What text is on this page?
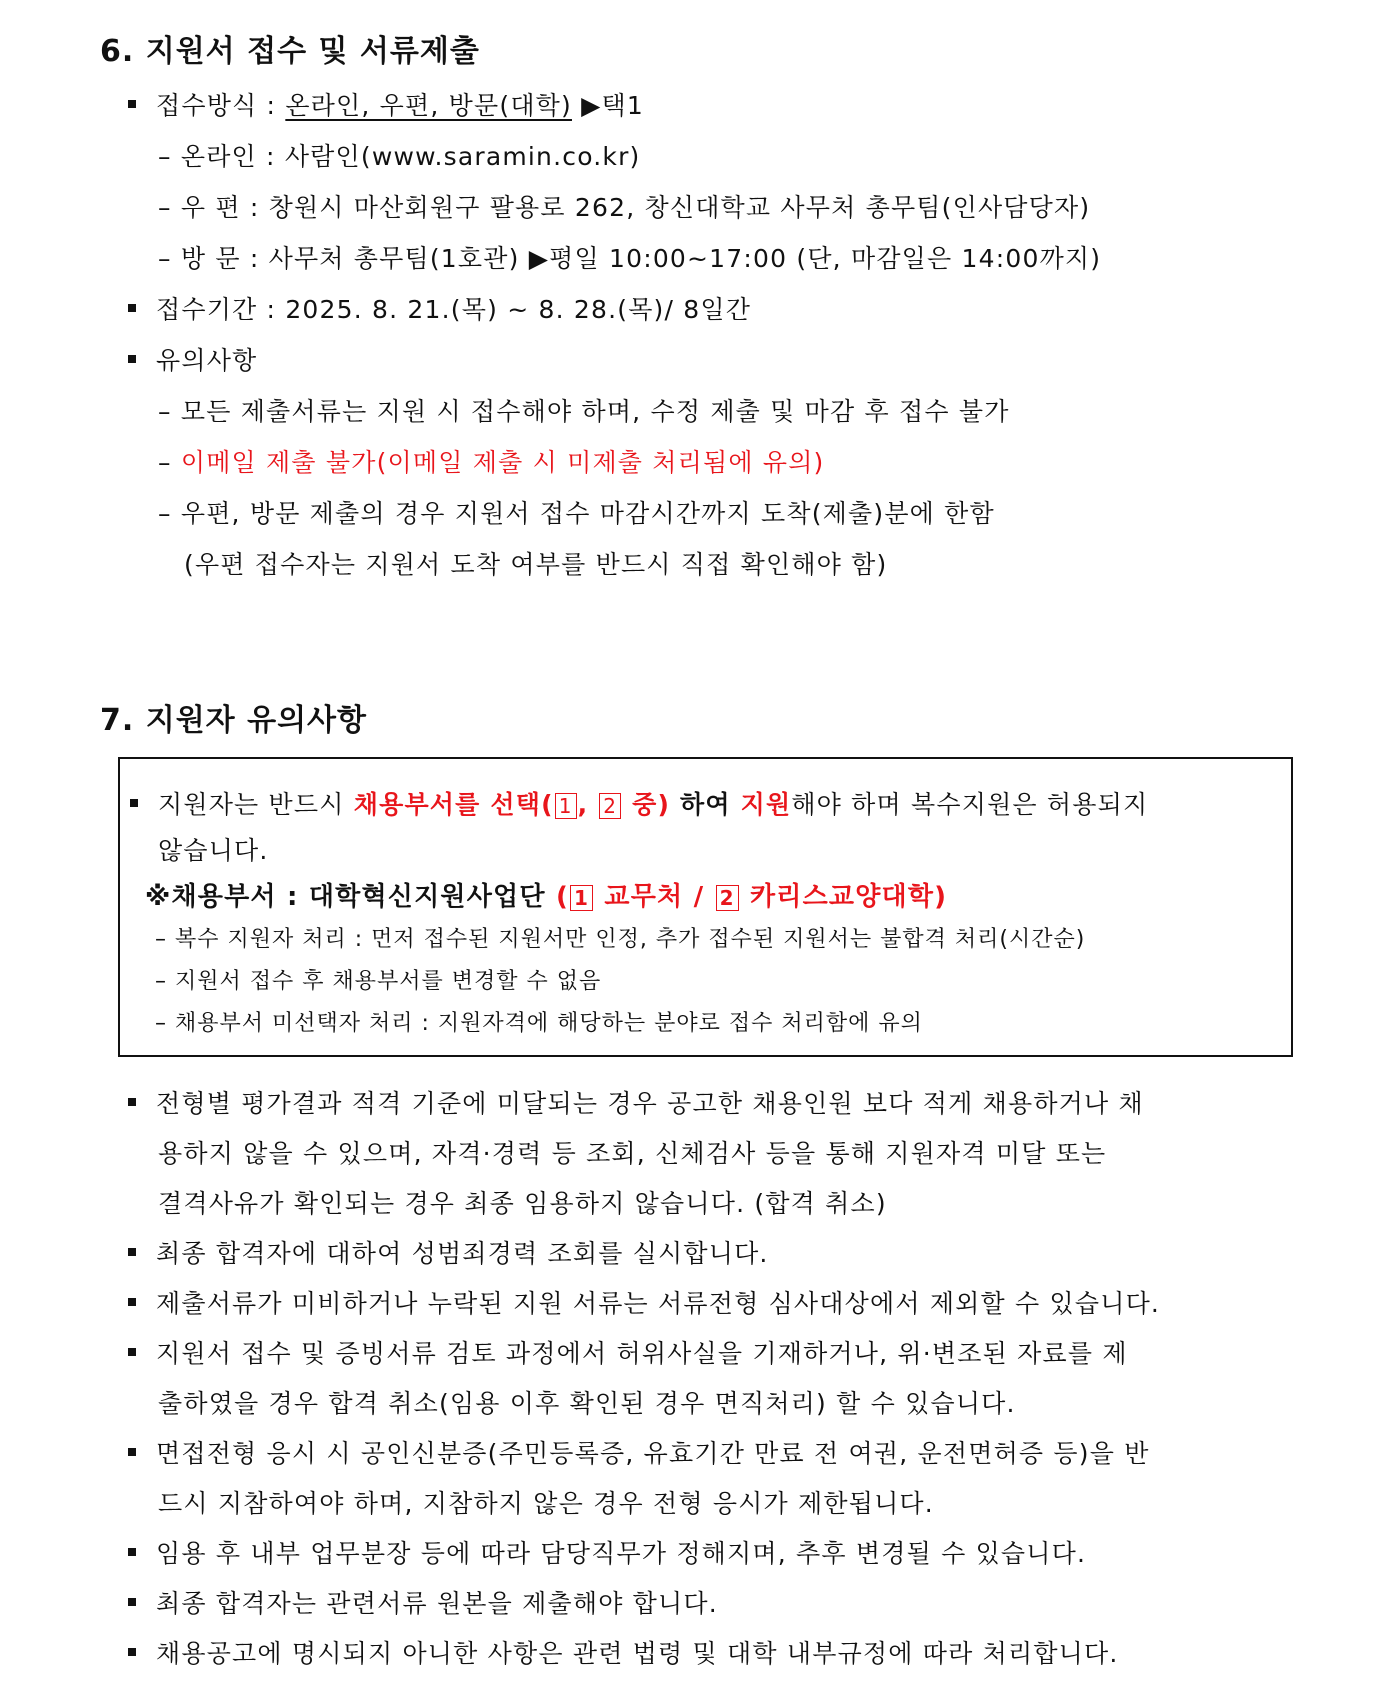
6. 지원서 접수 및 서류제출
접수방식 : 온라인, 우편, 방문(대학) ▶택1
– 온라인 : 사람인(www.saramin.co.kr)
– 우 편 : 창원시 마산회원구 팔용로 262, 창신대학교 사무처 총무팀(인사담당자)
– 방 문 : 사무처 총무팀(1호관) ▶평일 10:00~17:00 (단, 마감일은 14:00까지)
접수기간 : 2025. 8. 21.(목) ~ 8. 28.(목)/ 8일간
유의사항
– 모든 제출서류는 지원 시 접수해야 하며, 수정 제출 및 마감 후 접수 불가
– 이메일 제출 불가(이메일 제출 시 미제출 처리됨에 유의)
– 우편, 방문 제출의 경우 지원서 접수 마감시간까지 도착(제출)분에 한함
(우편 접수자는 지원서 도착 여부를 반드시 직접 확인해야 함)
7. 지원자 유의사항
지원자는 반드시 채용부서를 선택( 1 , 2 중) 하여 지원해야 하며 복수지원은 허용되지
않습니다.
※채용부서 : 대학혁신지원사업단 ( 1 교무처 / 2 카리스교양대학)
– 복수 지원자 처리 : 먼저 접수된 지원서만 인정, 추가 접수된 지원서는 불합격 처리(시간순)
– 지원서 접수 후 채용부서를 변경할 수 없음
– 채용부서 미선택자 처리 : 지원자격에 해당하는 분야로 접수 처리함에 유의
전형별 평가결과 적격 기준에 미달되는 경우 공고한 채용인원 보다 적게 채용하거나 채
용하지 않을 수 있으며, 자격·경력 등 조회, 신체검사 등을 통해 지원자격 미달 또는
결격사유가 확인되는 경우 최종 임용하지 않습니다. (합격 취소)
최종 합격자에 대하여 성범죄경력 조회를 실시합니다.
제출서류가 미비하거나 누락된 지원 서류는 서류전형 심사대상에서 제외할 수 있습니다.
지원서 접수 및 증빙서류 검토 과정에서 허위사실을 기재하거나, 위·변조된 자료를 제
출하였을 경우 합격 취소(임용 이후 확인된 경우 면직처리) 할 수 있습니다.
면접전형 응시 시 공인신분증(주민등록증, 유효기간 만료 전 여권, 운전면허증 등)을 반
드시 지참하여야 하며, 지참하지 않은 경우 전형 응시가 제한됩니다.
임용 후 내부 업무분장 등에 따라 담당직무가 정해지며, 추후 변경될 수 있습니다.
최종 합격자는 관련서류 원본을 제출해야 합니다.
채용공고에 명시되지 아니한 사항은 관련 법령 및 대학 내부규정에 따라 처리합니다.
